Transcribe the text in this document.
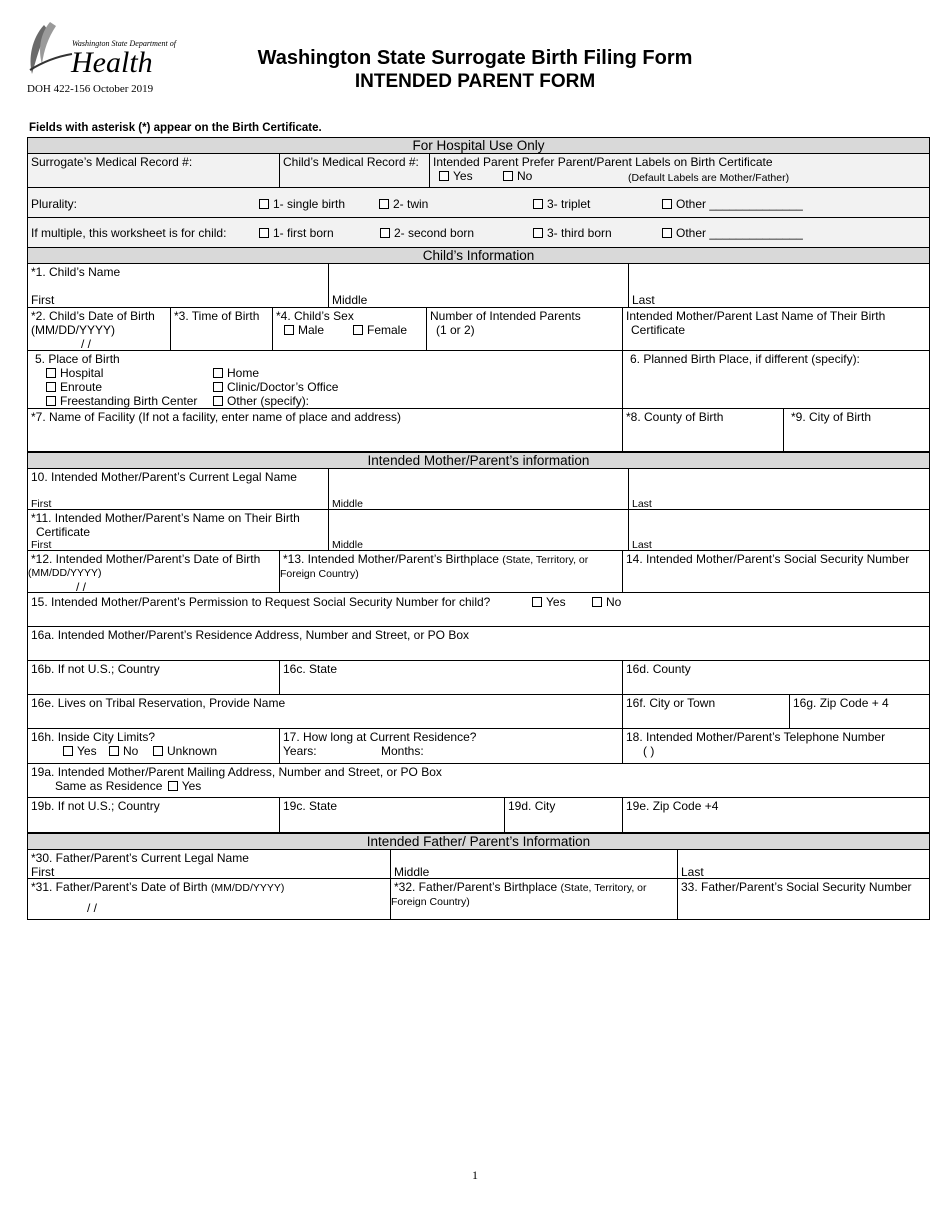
Washington State Department of
Health
DOH 422-156 October 2019
Washington State Surrogate Birth Filing Form
INTENDED PARENT FORM
Fields with asterisk (*) appear on the Birth Certificate.
For Hospital Use Only
Surrogate’s Medical Record #:	Child’s Medical Record #:	Intended Parent Prefer Parent/Parent Labels on Birth Certificate
Yes	No	(Default Labels are Mother/Father)
Plurality:	1- single birth	2- twin	3- triplet	Other ______________
If multiple, this worksheet is for child:	1- first born	2- second born	3- third born	Other ______________
Child’s Information
*1. Child’s Name
First	Middle	Last
*2. Child’s Date of Birth
(MM/DD/YYYY)
/ /
*3. Time of Birth	*4. Child’s Sex
Male	Female
Number of Intended Parents
(1 or 2)
Intended Mother/Parent Last Name of Their Birth
Certificate
5. Place of Birth
Hospital	Home
Enroute	Clinic/Doctor’s Office
Freestanding Birth Center	Other (specify):
6. Planned Birth Place, if different (specify):
*7. Name of Facility (If not a facility, enter name of place and address)	*8. County of Birth	*9. City of Birth
Intended Mother/Parent’s information
10. Intended Mother/Parent’s Current Legal Name
First	Middle	Last
*11. Intended Mother/Parent’s Name on Their Birth
Certificate
First	Middle	Last
*12. Intended Mother/Parent’s Date of Birth
(MM/DD/YYYY)
/ /
*13. Intended Mother/Parent’s Birthplace (State, Territory, or
Foreign Country)
14. Intended Mother/Parent’s Social Security Number
15. Intended Mother/Parent’s Permission to Request Social Security Number for child?	Yes	No
16a. Intended Mother/Parent’s Residence Address, Number and Street, or PO Box
16b. If not U.S.; Country	16c. State	16d. County
16e. Lives on Tribal Reservation, Provide Name	16f. City or Town	16g. Zip Code + 4
16h. Inside City Limits?
Yes	No	Unknown
17. How long at Current Residence?
Years:	Months:
18. Intended Mother/Parent’s Telephone Number
( )
19a. Intended Mother/Parent Mailing Address, Number and Street, or PO Box
Same as Residence Yes
19b. If not U.S.; Country	19c. State	19d. City	19e. Zip Code +4
Intended Father/ Parent’s Information
*30. Father/Parent’s Current Legal Name
First	Middle	Last
*31. Father/Parent’s Date of Birth (MM/DD/YYYY)
/ /
*32. Father/Parent’s Birthplace (State, Territory, or
Foreign Country)
33. Father/Parent’s Social Security Number
1
